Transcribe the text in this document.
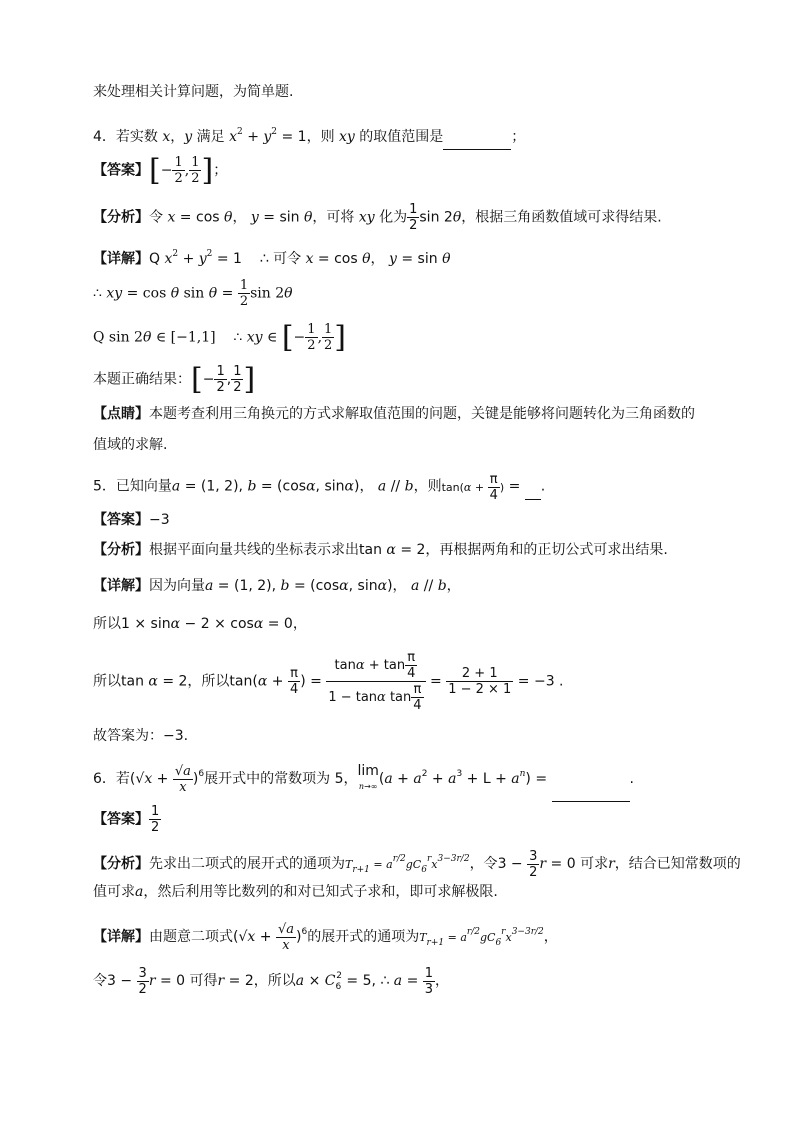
来处理相关计算问题，为简单题.
4．若实数 x，y 满足 $x^2 + y^2 = 1$，则 xy 的取值范围是	；
【答案】[− $\frac{1}{2}$ , $\frac{1}{2}$ ]；
【分析】令 x = cos θ， y = sin θ，可将 xy 化为 $\frac{1}{2}$ sin 2θ，根据三角函数值域可求得结果.
【详解】Q $x^2 + y^2 = 1$    ∴ 可令 x = cos θ， y = sin θ
∴ xy = cos θ $\sin \theta = \frac{1}{2}$ sin 2θ
Q sin 2θ ∈ [−1,1]    ∴ xy ∈ [− $\frac{1}{2}$ , $\frac{1}{2}$ ]
本题正确结果：[− $\frac{1}{2}$ , $\frac{1}{2}$ ]
【点睛】本题考查利用三角换元的方式求解取值范围的问题，关键是能够将问题转化为三角函数的
值域的求解.
5．已知向量a = (1, 2), b = (cosα, sinα)， a // b，则$\tan(\alpha + \frac{\pi}{4}$ ) =  .
【答案】−3
【分析】根据平面向量共线的坐标表示求出tan α = 2，再根据两角和的正切公式可求出结果.
【详解】因为向量a = (1, 2), b = (cosα, sinα)， a // b，
所以1 × sinα − 2 × cosα = 0，
所以tan α = 2，所以$\tan(\alpha + \frac{\pi}{4}$ ) = $\frac{\tan\alpha + \tan \frac{\pi}{4}}{1 - \tan\alpha \tan \frac{\pi}{4}} = \frac{2 + 1}{1 - 2 \times 1} = -3$ .
故答案为：−3.
6．若$(√x + \frac{√a}{x} )^6$展开式中的常数项为 5， lim
n→∞ $(a + a^2 + a^3 + L + a^n)$ =	.
【答案】 $\frac{1}{2}$
【分析】先求出二项式的展开式的通项为$T_{r+1} = a^{r/2}gC_6^rx^{3-3r/2}$，令$3 - \frac{3}{2}$ r = 0 可求r，结合已知常数项的
值可求a，然后利用等比数列的和对已知式子求和，即可求解极限.
【详解】由题意二项式$(√x + \frac{√a}{x} )^6$的展开式的通项为$T_{r+1} = a^{r/2}gC_6^rx^{3-3r/2}$，
令$3 - \frac{3}{2}$ r = 0 可得r = 2，所以$a \times C_6^2 = 5$, ∴ $a = \frac{1}{3}$ ，
